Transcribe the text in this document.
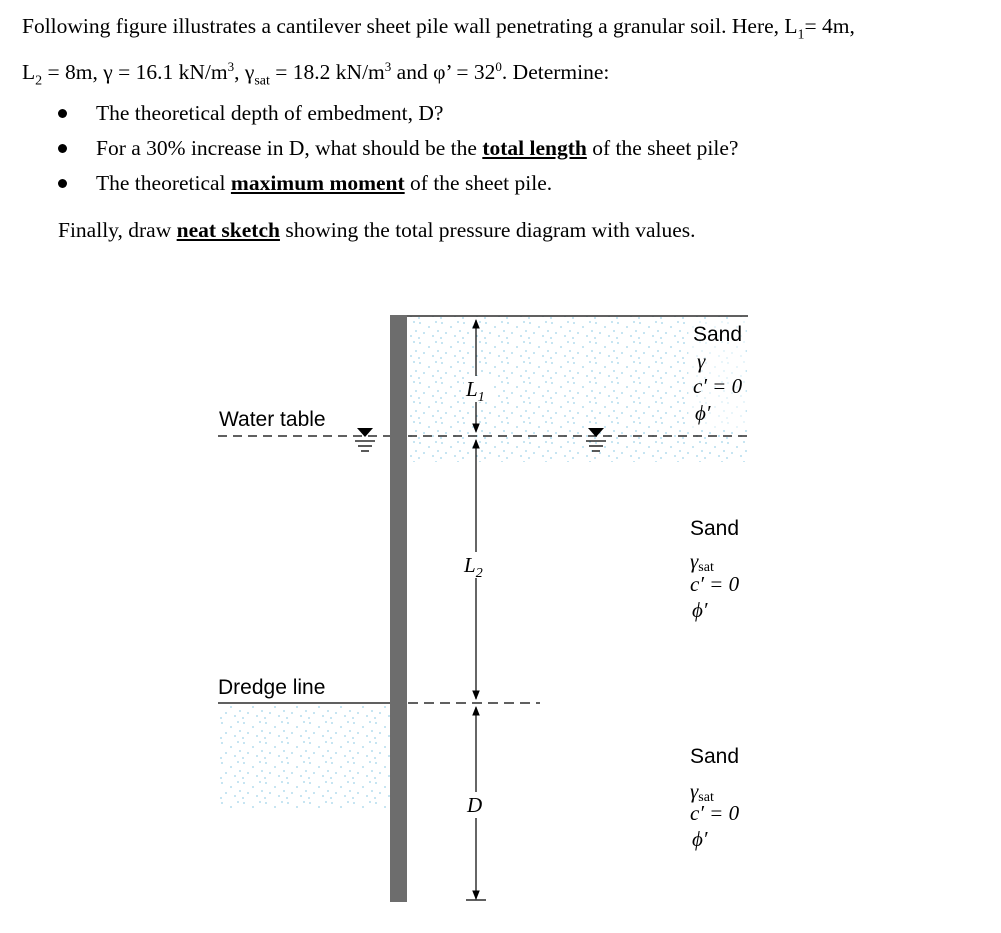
Following figure illustrates a cantilever sheet pile wall penetrating a granular soil. Here, $L_1= 4m$,
$L_2 = 8m$, γ = 16.1 $kN/m^3$, $\gamma_{sat} = 18.2$ $kN/m^3$ and φ’ = $32^0$. Determine:

The theoretical depth of embedment, D?
For a 30% increase in D, what should be the total length of the sheet pile?
The theoretical maximum moment of the sheet pile.

Finally, draw neat sketch showing the total pressure diagram with values.

$L_1$
$L_2$
D
Water table
Dredge line
Sand
γ
c′ = 0
ϕ′
Sand
γsat
c′ = 0
ϕ′
Sand
γsat
c′ = 0
ϕ′
